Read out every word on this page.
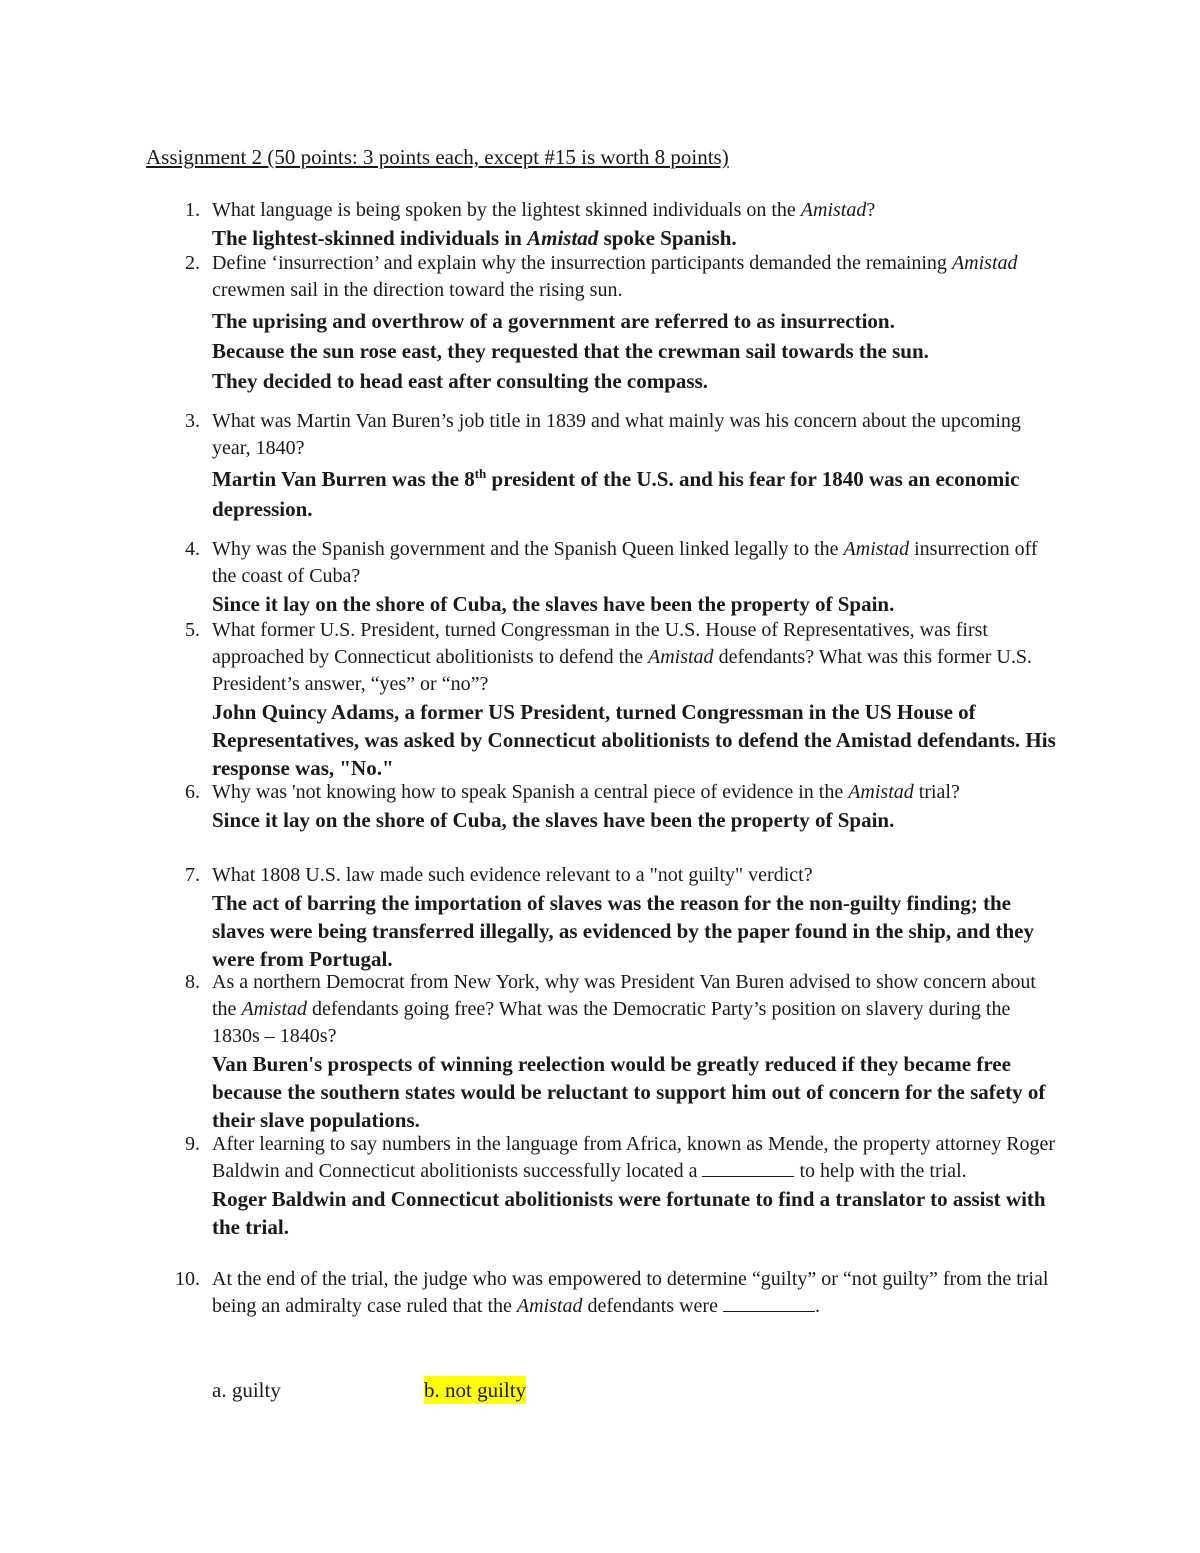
Assignment 2 (50 points: 3 points each, except #15 is worth 8 points)
1. What language is being spoken by the lightest skinned individuals on the Amistad?

The lightest-skinned individuals in Amistad spoke Spanish.

2. Define ‘insurrection’ and explain why the insurrection participants demanded the remaining Amistad crewmen sail in the direction toward the rising sun.

The uprising and overthrow of a government are referred to as insurrection.

Because the sun rose east, they requested that the crewman sail towards the sun.

They decided to head east after consulting the compass.

3. What was Martin Van Buren’s job title in 1839 and what mainly was his concern about the upcoming year, 1840?

Martin Van Burren was the 8th president of the U.S. and his fear for 1840 was an economic depression.

4. Why was the Spanish government and the Spanish Queen linked legally to the Amistad insurrection off the coast of Cuba?

Since it lay on the shore of Cuba, the slaves have been the property of Spain.

5. What former U.S. President, turned Congressman in the U.S. House of Representatives, was first approached by Connecticut abolitionists to defend the Amistad defendants? What was this former U.S. President’s answer, “yes” or “no”?

John Quincy Adams, a former US President, turned Congressman in the US House of Representatives, was asked by Connecticut abolitionists to defend the Amistad defendants. His response was, "No."

6. Why was 'not knowing how to speak Spanish a central piece of evidence in the Amistad trial?

Since it lay on the shore of Cuba, the slaves have been the property of Spain.

7. What 1808 U.S. law made such evidence relevant to a "not guilty" verdict?

The act of barring the importation of slaves was the reason for the non-guilty finding; the slaves were being transferred illegally, as evidenced by the paper found in the ship, and they were from Portugal.

8. As a northern Democrat from New York, why was President Van Buren advised to show concern about the Amistad defendants going free? What was the Democratic Party’s position on slavery during the 1830s – 1840s?

Van Buren's prospects of winning reelection would be greatly reduced if they became free because the southern states would be reluctant to support him out of concern for the safety of their slave populations.

9. After learning to say numbers in the language from Africa, known as Mende, the property attorney Roger Baldwin and Connecticut abolitionists successfully located a	to help with the trial.

Roger Baldwin and Connecticut abolitionists were fortunate to find a translator to assist with the trial.

10. At the end of the trial, the judge who was empowered to determine “guilty” or “not guilty” from the trial being an admiralty case ruled that the Amistad defendants were	.

a. guilty	b. not guilty
